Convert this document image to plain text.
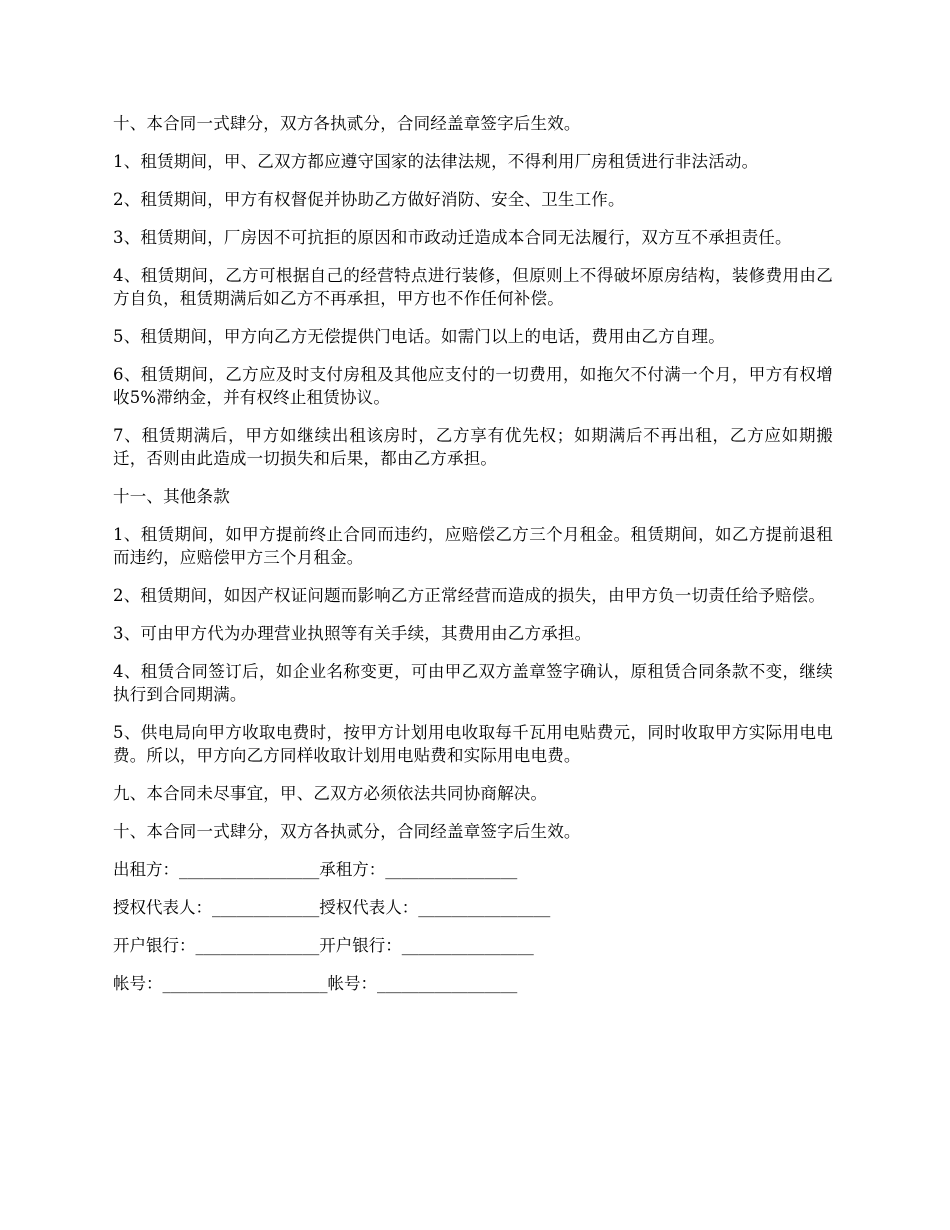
十、本合同一式肆分，双方各执贰分，合同经盖章签字后生效。

1、租赁期间，甲、乙双方都应遵守国家的法律法规，不得利用厂房租赁进行非法活动。

2、租赁期间，甲方有权督促并协助乙方做好消防、安全、卫生工作。

3、租赁期间，厂房因不可抗拒的原因和市政动迁造成本合同无法履行，双方互不承担责任。

4、租赁期间，乙方可根据自己的经营特点进行装修，但原则上不得破坏原房结构，装修费用由乙方自负，租赁期满后如乙方不再承担，甲方也不作任何补偿。

5、租赁期间，甲方向乙方无偿提供门电话。如需门以上的电话，费用由乙方自理。

6、租赁期间，乙方应及时支付房租及其他应支付的一切费用，如拖欠不付满一个月，甲方有权增收5%滞纳金，并有权终止租赁协议。

7、租赁期满后，甲方如继续出租该房时，乙方享有优先权；如期满后不再出租，乙方应如期搬迁，否则由此造成一切损失和后果，都由乙方承担。

十一、其他条款

1、租赁期间，如甲方提前终止合同而违约，应赔偿乙方三个月租金。租赁期间，如乙方提前退租而违约，应赔偿甲方三个月租金。

2、租赁期间，如因产权证问题而影响乙方正常经营而造成的损失，由甲方负一切责任给予赔偿。

3、可由甲方代为办理营业执照等有关手续，其费用由乙方承担。

4、租赁合同签订后，如企业名称变更，可由甲乙双方盖章签字确认，原租赁合同条款不变，继续执行到合同期满。

5、供电局向甲方收取电费时，按甲方计划用电收取每千瓦用电贴费元，同时收取甲方实际用电电费。所以，甲方向乙方同样收取计划用电贴费和实际用电电费。

九、本合同未尽事宜，甲、乙双方必须依法共同协商解决。

十、本合同一式肆分，双方各执贰分，合同经盖章签字后生效。

出租方：_________________承租方：________________
授权代表人：_____________授权代表人：________________
开户银行：_______________开户银行：________________
帐号：____________________帐号：_________________
